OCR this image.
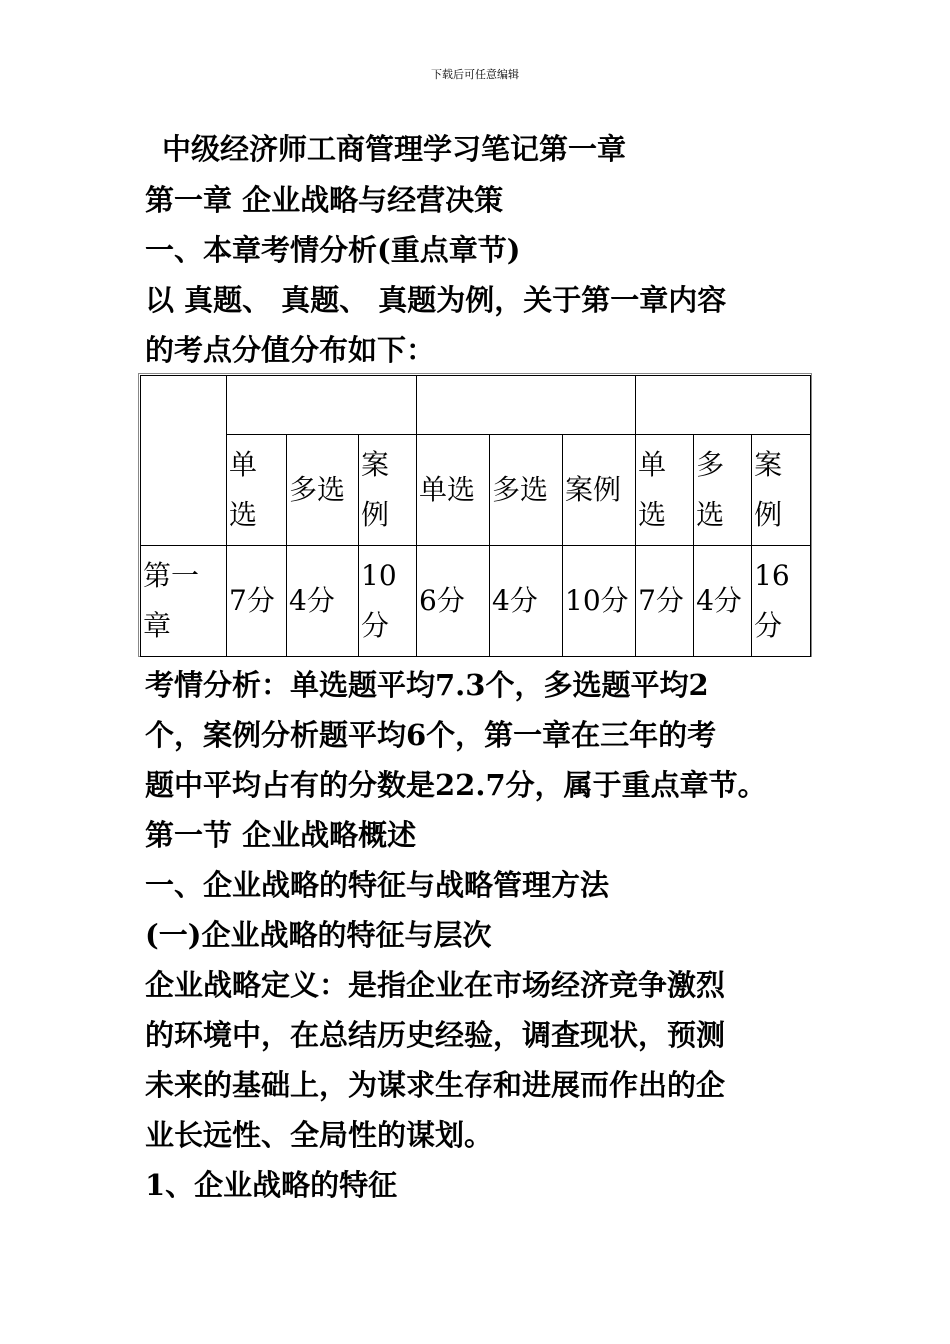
下载后可任意编辑
中级经济师工商管理学习笔记第一章
第一章 企业战略与经营决策
一、本章考情分析(重点章节)
以 真题、 真题、 真题为例，关于第一章内容
的考点分值分布如下：

	单选	多选	案例	单选	多选	案例	单选	多选	案例
第一章	7分	4分	10分	6分	4分	10分	7分	4分	16分
考情分析：单选题平均7.3个，多选题平均2
个，案例分析题平均6个，第一章在三年的考
题中平均占有的分数是22.7分，属于重点章节。
第一节 企业战略概述
一、企业战略的特征与战略管理方法
(一)企业战略的特征与层次
企业战略定义：是指企业在市场经济竞争激烈
的环境中，在总结历史经验，调查现状，预测
未来的基础上，为谋求生存和进展而作出的企
业长远性、全局性的谋划。
1、企业战略的特征
